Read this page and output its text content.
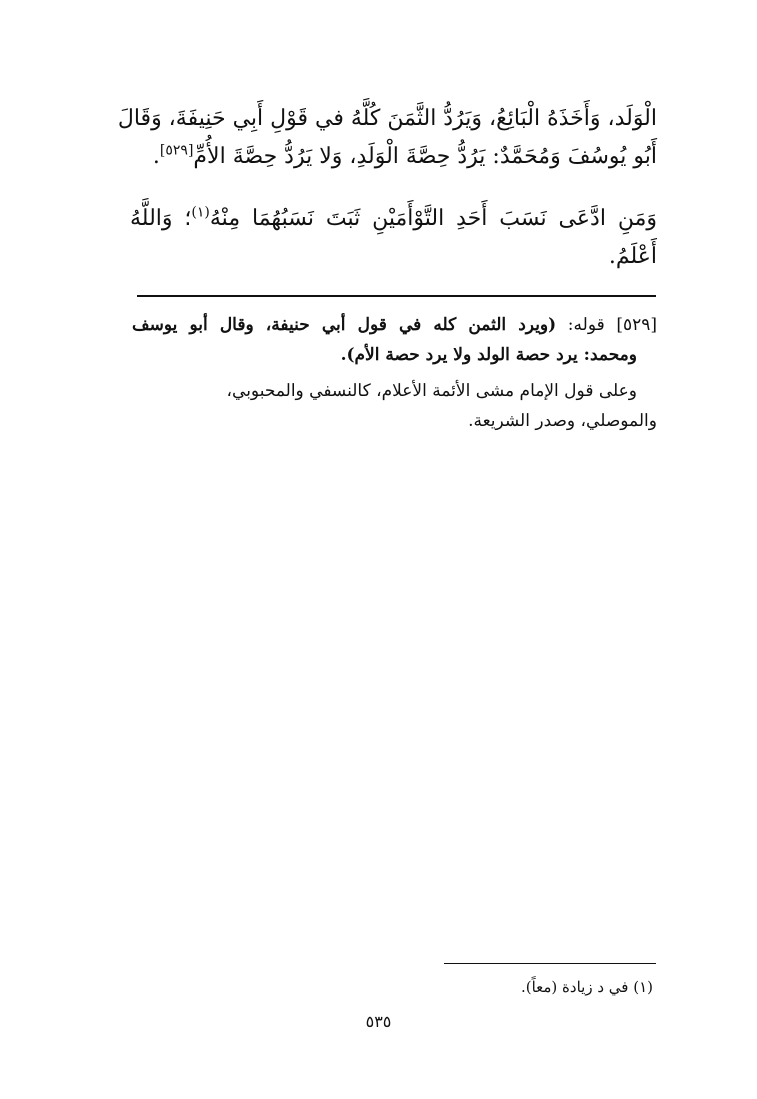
الْوَلَد، وَأَخَذَهُ الْبَائِعُ، وَيَرُدُّ الثَّمَنَ كُلَّهُ في قَوْلِ أَبِي حَنِيفَةَ، وَقَالَ
أَبُو يُوسُفَ وَمُحَمَّدٌ: يَرُدُّ حِصَّةَ الْوَلَدِ، وَلا يَرُدُّ حِصَّةَ الأُمِّ[٥٢٩].
وَمَنِ ادَّعَى نَسَبَ أَحَدِ التَّوْأَمَيْنِ ثَبَتَ نَسَبُهُمَا مِنْهُ$^{(١)}$؛ وَاللَّهُ
أَعْلَمُ.
[٥٢٩] قوله: (ويرد الثمن كله في قول أبي حنيفة، وقال أبو يوسف
ومحمد: يرد حصة الولد ولا يرد حصة الأم).
وعلى قول الإمام مشى الأئمة الأعلام، كالنسفي والمحبوبي،
والموصلي، وصدر الشريعة.
(١) في د زيادة (معاً).
٥٣٥
